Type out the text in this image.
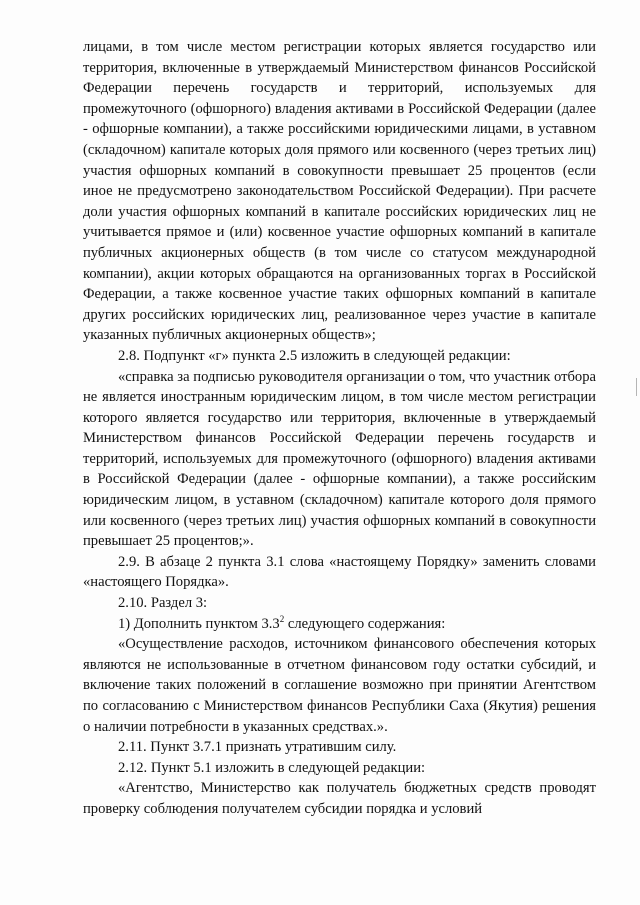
лицами, в том числе местом регистрации которых является государство или территория, включенные в утверждаемый Министерством финансов Российской Федерации перечень государств и территорий, используемых для промежуточного (офшорного) владения активами в Российской Федерации (далее - офшорные компании), а также российскими юридическими лицами, в уставном (складочном) капитале которых доля прямого или косвенного (через третьих лиц) участия офшорных компаний в совокупности превышает 25 процентов (если иное не предусмотрено законодательством Российской Федерации). При расчете доли участия офшорных компаний в капитале российских юридических лиц не учитывается прямое и (или) косвенное участие офшорных компаний в капитале публичных акционерных обществ (в том числе со статусом международной компании), акции которых обращаются на организованных торгах в Российской Федерации, а также косвенное участие таких офшорных компаний в капитале других российских юридических лиц, реализованное через участие в капитале указанных публичных акционерных обществ»;

2.8. Подпункт «г» пункта 2.5 изложить в следующей редакции:

«справка за подписью руководителя организации о том, что участник отбора не является иностранным юридическим лицом, в том числе местом регистрации которого является государство или территория, включенные в утверждаемый Министерством финансов Российской Федерации перечень государств и территорий, используемых для промежуточного (офшорного) владения активами в Российской Федерации (далее - офшорные компании), а также российским юридическим лицом, в уставном (складочном) капитале которого доля прямого или косвенного (через третьих лиц) участия офшорных компаний в совокупности превышает 25 процентов;».

2.9. В абзаце 2 пункта 3.1 слова «настоящему Порядку» заменить словами «настоящего Порядка».

2.10. Раздел 3:

1) Дополнить пунктом $3.3^2$ следующего содержания:

«Осуществление расходов, источником финансового обеспечения которых являются не использованные в отчетном финансовом году остатки субсидий, и включение таких положений в соглашение возможно при принятии Агентством по согласованию с Министерством финансов Республики Саха (Якутия) решения о наличии потребности в указанных средствах.».

2.11. Пункт 3.7.1 признать утратившим силу.

2.12. Пункт 5.1 изложить в следующей редакции:

«Агентство, Министерство как получатель бюджетных средств проводят проверку соблюдения получателем субсидии порядка и условий
